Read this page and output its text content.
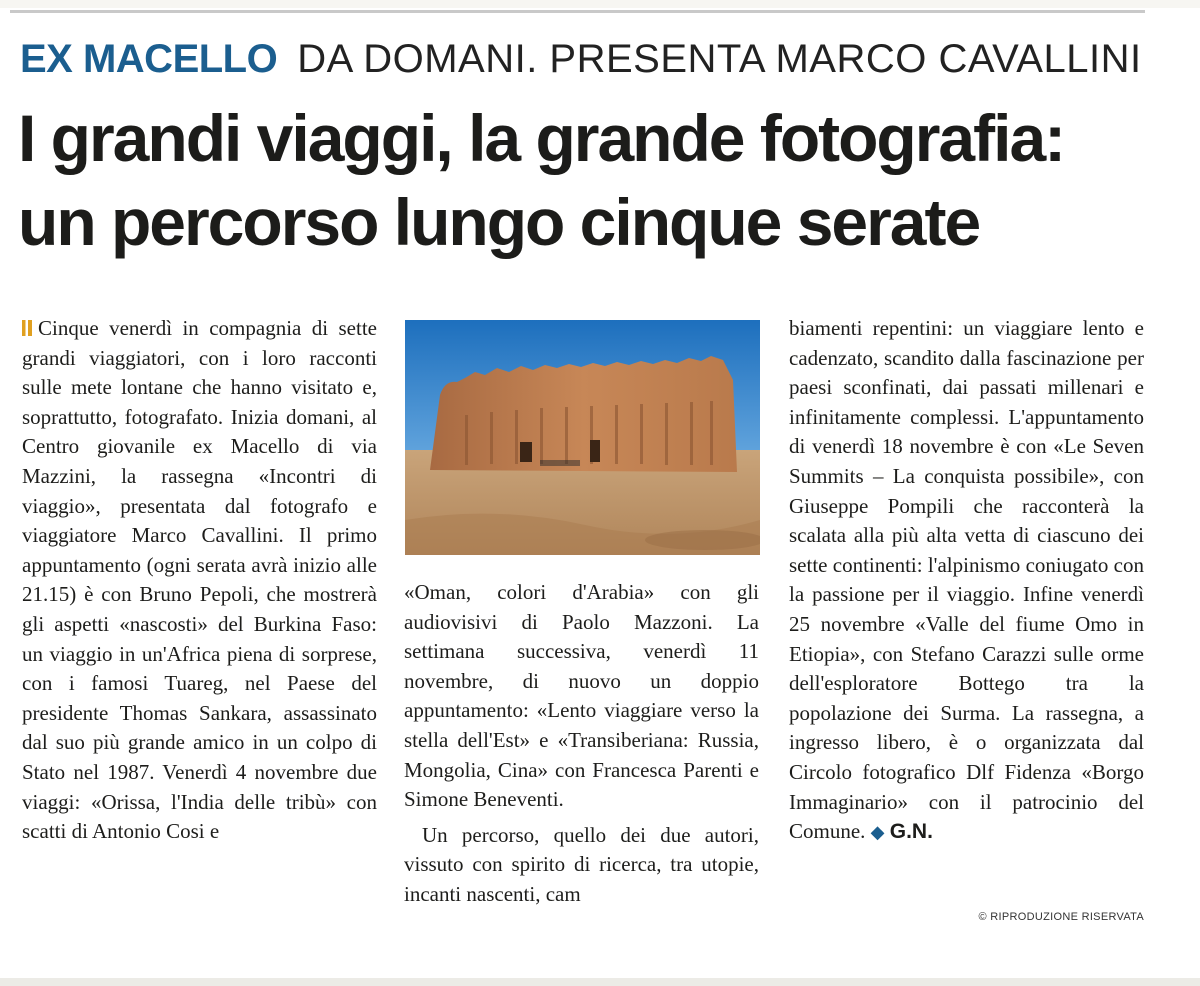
EX MACELLO DA DOMANI. PRESENTA MARCO CAVALLINI
I grandi viaggi, la grande fotografia:
un percorso lungo cinque serate

Cinque venerdì in compagnia di sette grandi viaggiatori, con i loro racconti sulle mete lontane che hanno visitato e, soprattutto, fotografato. Inizia domani, al Centro giovanile ex Macello di via Mazzini, la rassegna «Incontri di viaggio», presentata dal fotografo e viaggiatore Marco Cavallini. Il primo appuntamento (ogni serata avrà inizio alle 21.15) è con Bruno Pepoli, che mostrerà gli aspetti «nascosti» del Burkina Faso: un viaggio in un'Africa piena di sorprese, con i famosi Tuareg, nel Paese del presidente Thomas Sankara, assassinato dal suo più grande amico in un colpo di Stato nel 1987. Venerdì 4 novembre due viaggi: «Orissa, l'India delle tribù» con scatti di Antonio Cosi e

«Oman, colori d'Arabia» con gli audiovisivi di Paolo Mazzoni. La settimana successiva, venerdì 11 novembre, di nuovo un doppio appuntamento: «Lento viaggiare verso la stella dell'Est» e «Transiberiana: Russia, Mongolia, Cina» con Francesca Parenti e Simone Beneventi.

Un percorso, quello dei due autori, vissuto con spirito di ricerca, tra utopie, incanti nascenti, cam

biamenti repentini: un viaggiare lento e cadenzato, scandito dalla fascinazione per paesi sconfinati, dai passati millenari e infinitamente complessi. L'appuntamento di venerdì 18 novembre è con «Le Seven Summits – La conquista possibile», con Giuseppe Pompili che racconterà la scalata alla più alta vetta di ciascuno dei sette continenti: l'alpinismo coniugato con la passione per il viaggio. Infine venerdì 25 novembre «Valle del fiume Omo in Etiopia», con Stefano Carazzi sulle orme dell'esploratore Bottego tra la popolazione dei Surma. La rassegna, a ingresso libero, è o organizzata dal Circolo fotografico Dlf Fidenza «Borgo Immaginario» con il patrocinio del Comune. ◆ G.N.

© RIPRODUZIONE RISERVATA
